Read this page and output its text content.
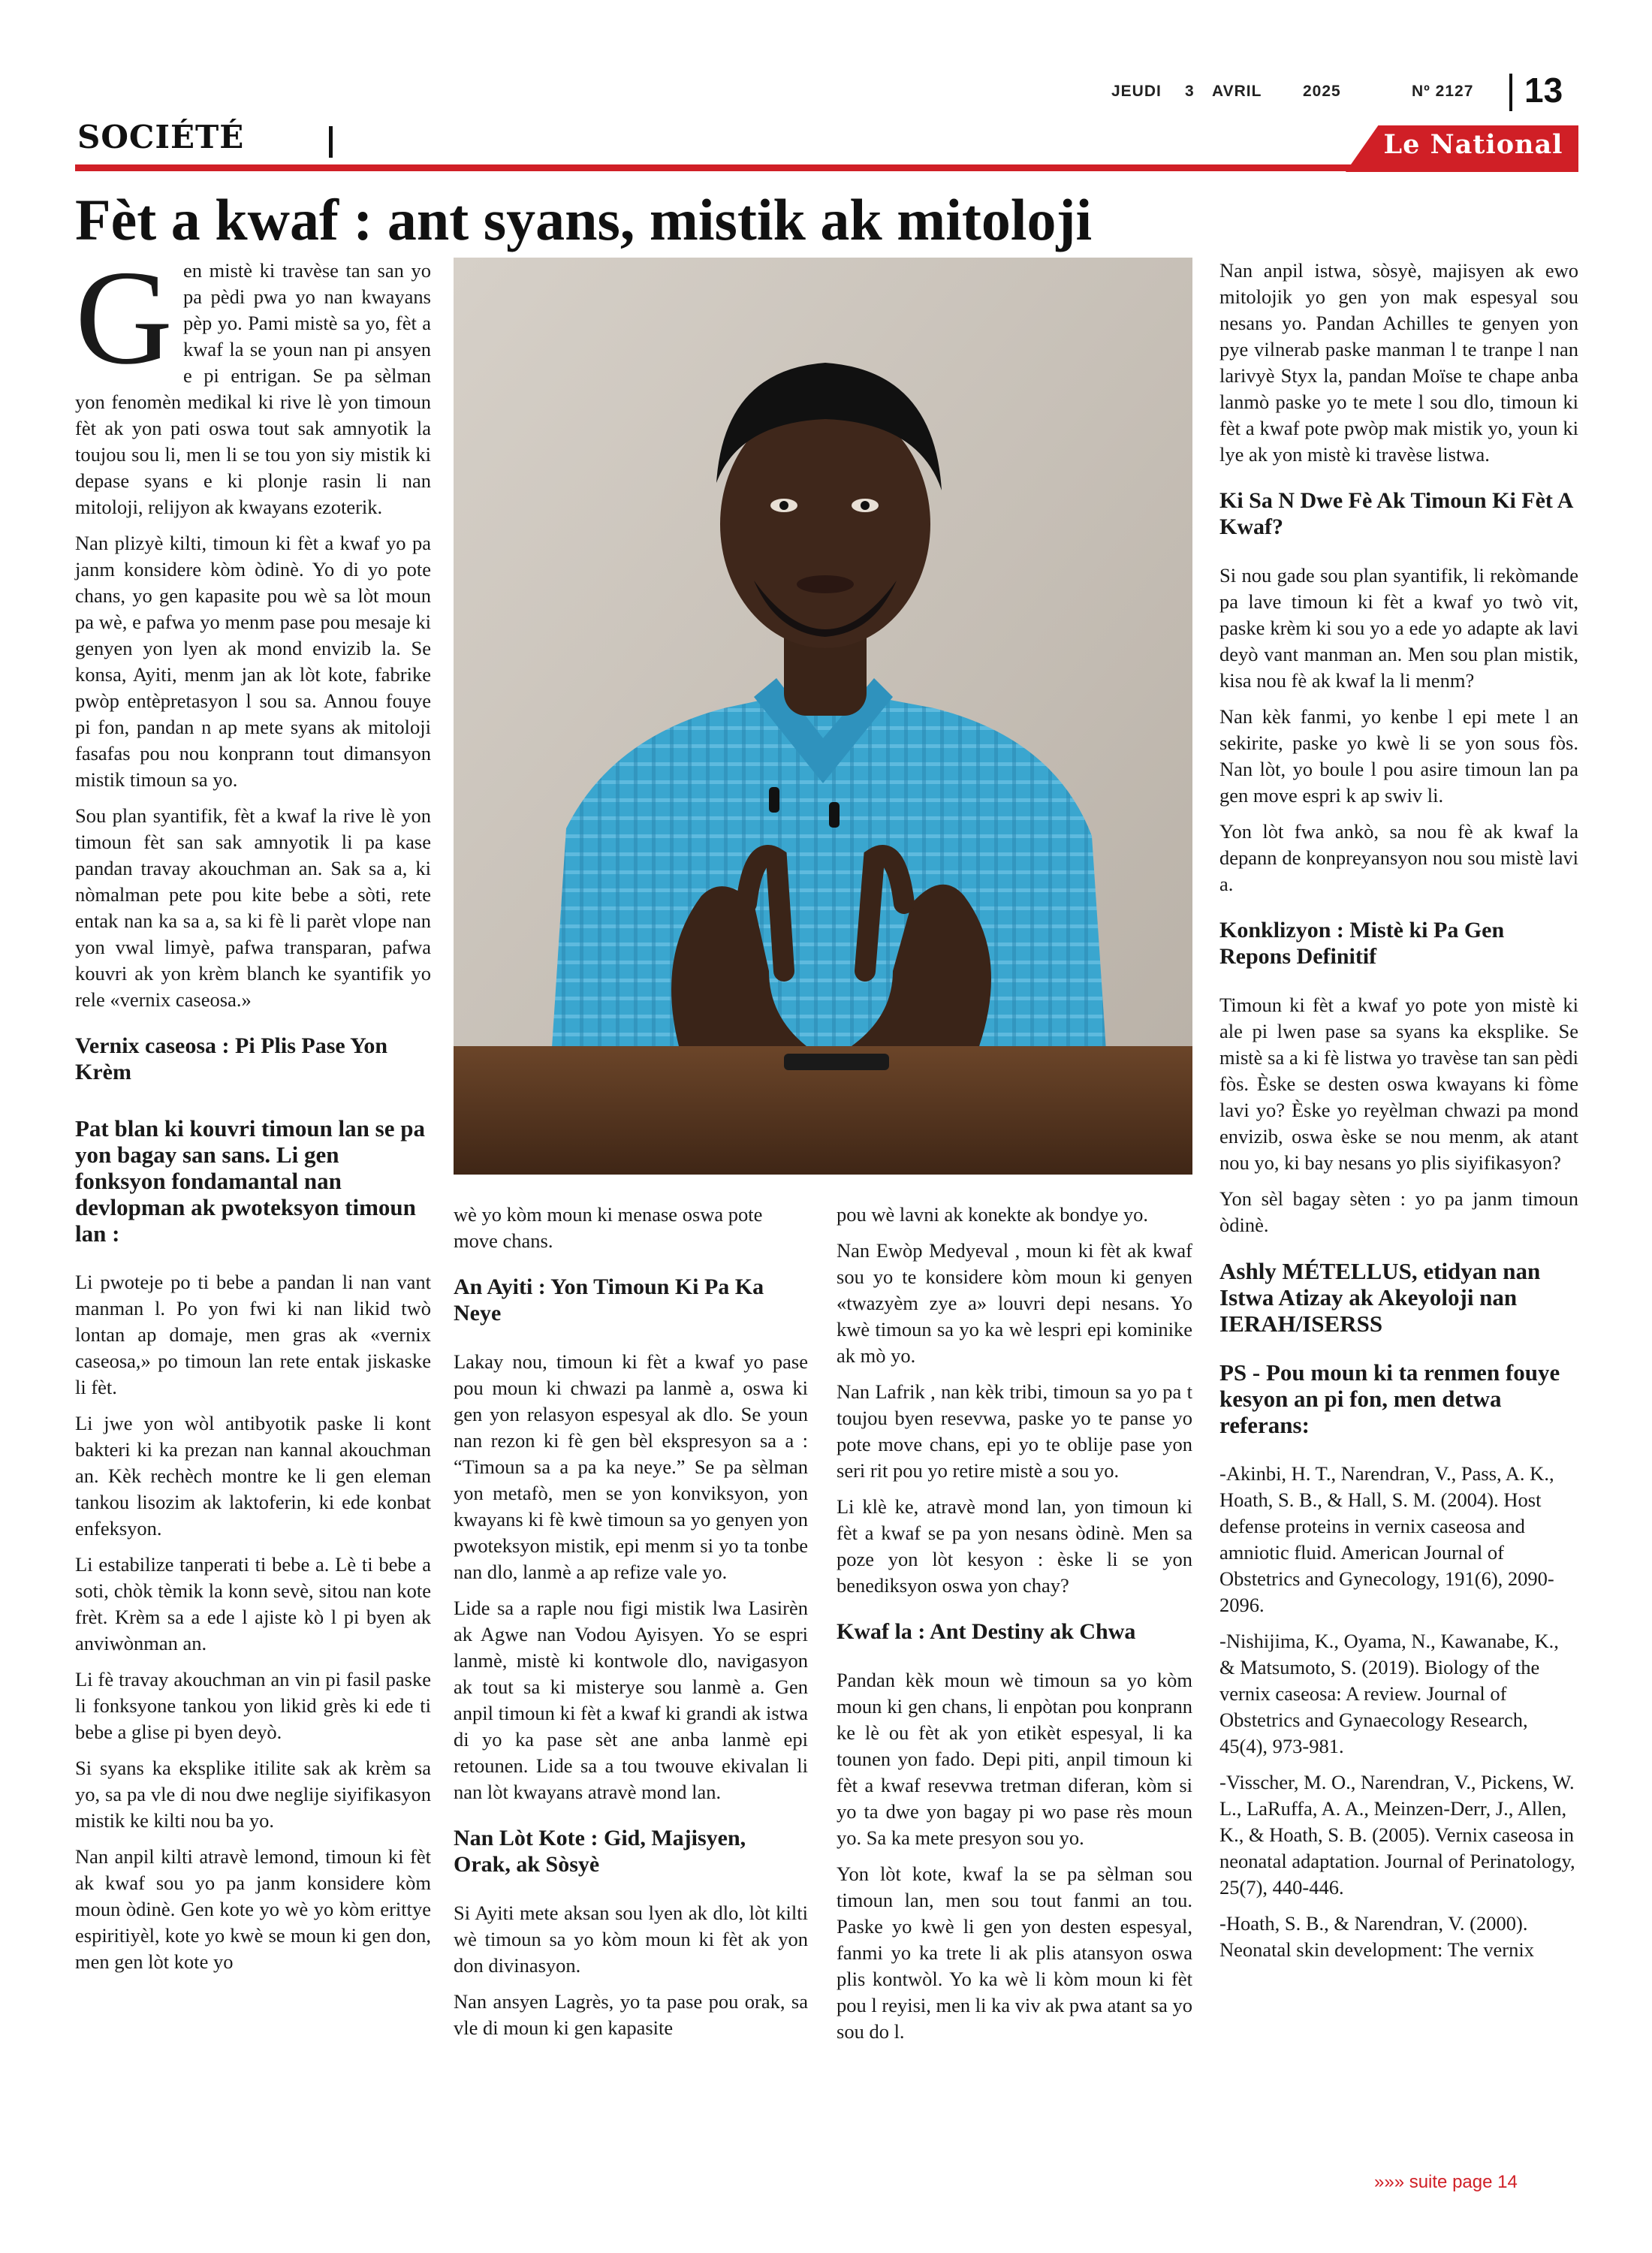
JEUDI 3 AVRIL	2025	Nº 2127 13
SOCIÉTÉ	Le National
Fèt a kwaf : ant syans, mistik ak mitoloji

Gen mistè ki travèse tan san yo pa pèdi pwa yo nan kwayans pèp yo. Pami mistè sa yo, fèt a kwaf la se youn nan pi ansyen e pi entrigan. Se pa sèlman yon fenomèn medikal ki rive lè yon timoun fèt ak yon pati oswa tout sak amnyotik la toujou sou li, men li se tou yon siy mistik ki depase syans e ki plonje rasin li nan mitoloji, relijyon ak kwayans ezoterik.

Nan plizyè kilti, timoun ki fèt a kwaf yo pa janm konsidere kòm òdinè. Yo di yo pote chans, yo gen kapasite pou wè sa lòt moun pa wè, e pafwa yo menm pase pou mesaje ki genyen yon lyen ak mond envizib la. Se konsa, Ayiti, menm jan ak lòt kote, fabrike pwòp entèpretasyon l sou sa. Annou fouye pi fon, pandan n ap mete syans ak mitoloji fasafas pou nou konprann tout dimansyon mistik timoun sa yo.

Sou plan syantifik, fèt a kwaf la rive lè yon timoun fèt san sak amnyotik li pa kase pandan travay akouchman an. Sak sa a, ki nòmalman pete pou kite bebe a sòti, rete entak nan ka sa a, sa ki fè li parèt vlope nan yon vwal limyè, pafwa transparan, pafwa kouvri ak yon krèm blanch ke syantifik yo rele «vernix caseosa.»

Vernix caseosa : Pi Plis Pase Yon Krèm
Pat blan ki kouvri timoun lan se pa yon bagay san sans. Li gen fonksyon fondamantal nan devlopman ak pwoteksyon timoun lan :

Li pwoteje po ti bebe a pandan li nan vant manman l. Po yon fwi ki nan likid twò lontan ap domaje, men gras ak «vernix caseosa,» po timoun lan rete entak jiskaske li fèt.

Li jwe yon wòl antibyotik paske li kont bakteri ki ka prezan nan kannal akouchman an. Kèk rechèch montre ke li gen eleman tankou lisozim ak laktoferin, ki ede konbat enfeksyon.

Li estabilize tanperati ti bebe a. Lè ti bebe a soti, chòk tèmik la konn sevè, sitou nan kote frèt. Krèm sa a ede l ajiste kò l pi byen ak anviwònman an.

Li fè travay akouchman an vin pi fasil paske li fonksyone tankou yon likid grès ki ede ti bebe a glise pi byen deyò.

Si syans ka eksplike itilite sak ak krèm sa yo, sa pa vle di nou dwe neglije siyifikasyon mistik ke kilti nou ba yo.

Nan anpil kilti atravè lemond, timoun ki fèt ak kwaf sou yo pa janm konsidere kòm moun òdinè. Gen kote yo wè yo kòm erittye espiritiyèl, kote yo kwè se moun ki gen don, men gen lòt kote yo

wè yo kòm moun ki menase oswa pote move chans.

An Ayiti : Yon Timoun Ki Pa Ka Neye

Lakay nou, timoun ki fèt a kwaf yo pase pou moun ki chwazi pa lanmè a, oswa ki gen yon relasyon espesyal ak dlo. Se youn nan rezon ki fè gen bèl ekspresyon sa a : “Timoun sa a pa ka neye.” Se pa sèlman yon metafò, men se yon konviksyon, yon kwayans ki fè kwè timoun sa yo genyen yon pwoteksyon mistik, epi menm si yo ta tonbe nan dlo, lanmè a ap refize vale yo.

Lide sa a raple nou figi mistik lwa Lasirèn ak Agwe nan Vodou Ayisyen. Yo se espri lanmè, mistè ki kontwole dlo, navigasyon ak tout sa ki misterye sou lanmè a. Gen anpil timoun ki fèt a kwaf ki grandi ak istwa di yo ka pase sèt ane anba lanmè epi retounen. Lide sa a tou twouve ekivalan li nan lòt kwayans atravè mond lan.

Nan Lòt Kote : Gid, Majisyen, Orak, ak Sòsyè

Si Ayiti mete aksan sou lyen ak dlo, lòt kilti wè timoun sa yo kòm moun ki fèt ak yon don divinasyon.

Nan ansyen Lagrès, yo ta pase pou orak, sa vle di moun ki gen kapasite

pou wè lavni ak konekte ak bondye yo.

Nan Ewòp Medyeval , moun ki fèt ak kwaf sou yo te konsidere kòm moun ki genyen «twazyèm zye a» louvri depi nesans. Yo kwè timoun sa yo ka wè lespri epi kominike ak mò yo.

Nan Lafrik , nan kèk tribi, timoun sa yo pa t toujou byen resevwa, paske yo te panse yo pote move chans, epi yo te oblije pase yon seri rit pou yo retire mistè a sou yo.

Li klè ke, atravè mond lan, yon timoun ki fèt a kwaf se pa yon nesans òdinè. Men sa poze yon lòt kesyon : èske li se yon benediksyon oswa yon chay?

Kwaf la : Ant Destiny ak Chwa

Pandan kèk moun wè timoun sa yo kòm moun ki gen chans, li enpòtan pou konprann ke lè ou fèt ak yon etikèt espesyal, li ka tounen yon fado. Depi piti, anpil timoun ki fèt a kwaf resevwa tretman diferan, kòm si yo ta dwe yon bagay pi wo pase rès moun yo. Sa ka mete presyon sou yo.

Yon lòt kote, kwaf la se pa sèlman sou timoun lan, men sou tout fanmi an tou. Paske yo kwè li gen yon desten espesyal, fanmi yo ka trete li ak plis atansyon oswa plis kontwòl. Yo ka wè li kòm moun ki fèt pou l reyisi, men li ka viv ak pwa atant sa yo sou do l.

Nan anpil istwa, sòsyè, majisyen ak ewo mitolojik yo gen yon mak espesyal sou nesans yo. Pandan Achilles te genyen yon pye vilnerab paske manman l te tranpe l nan larivyè Styx la, pandan Moïse te chape anba lanmò paske yo te mete l sou dlo, timoun ki fèt a kwaf pote pwòp mak mistik yo, youn ki lye ak yon mistè ki travèse listwa.

Ki Sa N Dwe Fè Ak Timoun Ki Fèt A Kwaf?

Si nou gade sou plan syantifik, li rekòmande pa lave timoun ki fèt a kwaf yo twò vit, paske krèm ki sou yo a ede yo adapte ak lavi deyò vant manman an. Men sou plan mistik, kisa nou fè ak kwaf la li menm?

Nan kèk fanmi, yo kenbe l epi mete l an sekirite, paske yo kwè li se yon sous fòs. Nan lòt, yo boule l pou asire timoun lan pa gen move espri k ap swiv li.

Yon lòt fwa ankò, sa nou fè ak kwaf la depann de konpreyansyon nou sou mistè lavi a.

Konklizyon : Mistè ki Pa Gen Repons Definitif

Timoun ki fèt a kwaf yo pote yon mistè ki ale pi lwen pase sa syans ka eksplike. Se mistè sa a ki fè listwa yo travèse tan san pèdi fòs. Èske se desten oswa kwayans ki fòme lavi yo? Èske yo reyèlman chwazi pa mond envizib, oswa èske se nou menm, ak atant nou yo, ki bay nesans yo plis siyifikasyon?

Yon sèl bagay sèten : yo pa janm timoun òdinè.

Ashly MÉTELLUS, etidyan nan Istwa Atizay ak Akeyoloji nan IERAH/ISERSS
PS - Pou moun ki ta renmen fouye kesyon an pi fon, men detwa referans:

-Akinbi, H. T., Narendran, V., Pass, A. K., Hoath, S. B., & Hall, S. M. (2004). Host defense proteins in vernix caseosa and amniotic fluid. American Journal of Obstetrics and Gynecology, 191(6), 2090-2096.

-Nishijima, K., Oyama, N., Kawanabe, K., & Matsumoto, S. (2019). Biology of the vernix caseosa: A review. Journal of Obstetrics and Gynaecology Research, 45(4), 973-981.

-Visscher, M. O., Narendran, V., Pickens, W. L., LaRuffa, A. A., Meinzen-Derr, J., Allen, K., & Hoath, S. B. (2005). Vernix caseosa in neonatal adaptation. Journal of Perinatology, 25(7), 440-446.

-Hoath, S. B., & Narendran, V. (2000). Neonatal skin development: The vernix

»»» suite page 14
